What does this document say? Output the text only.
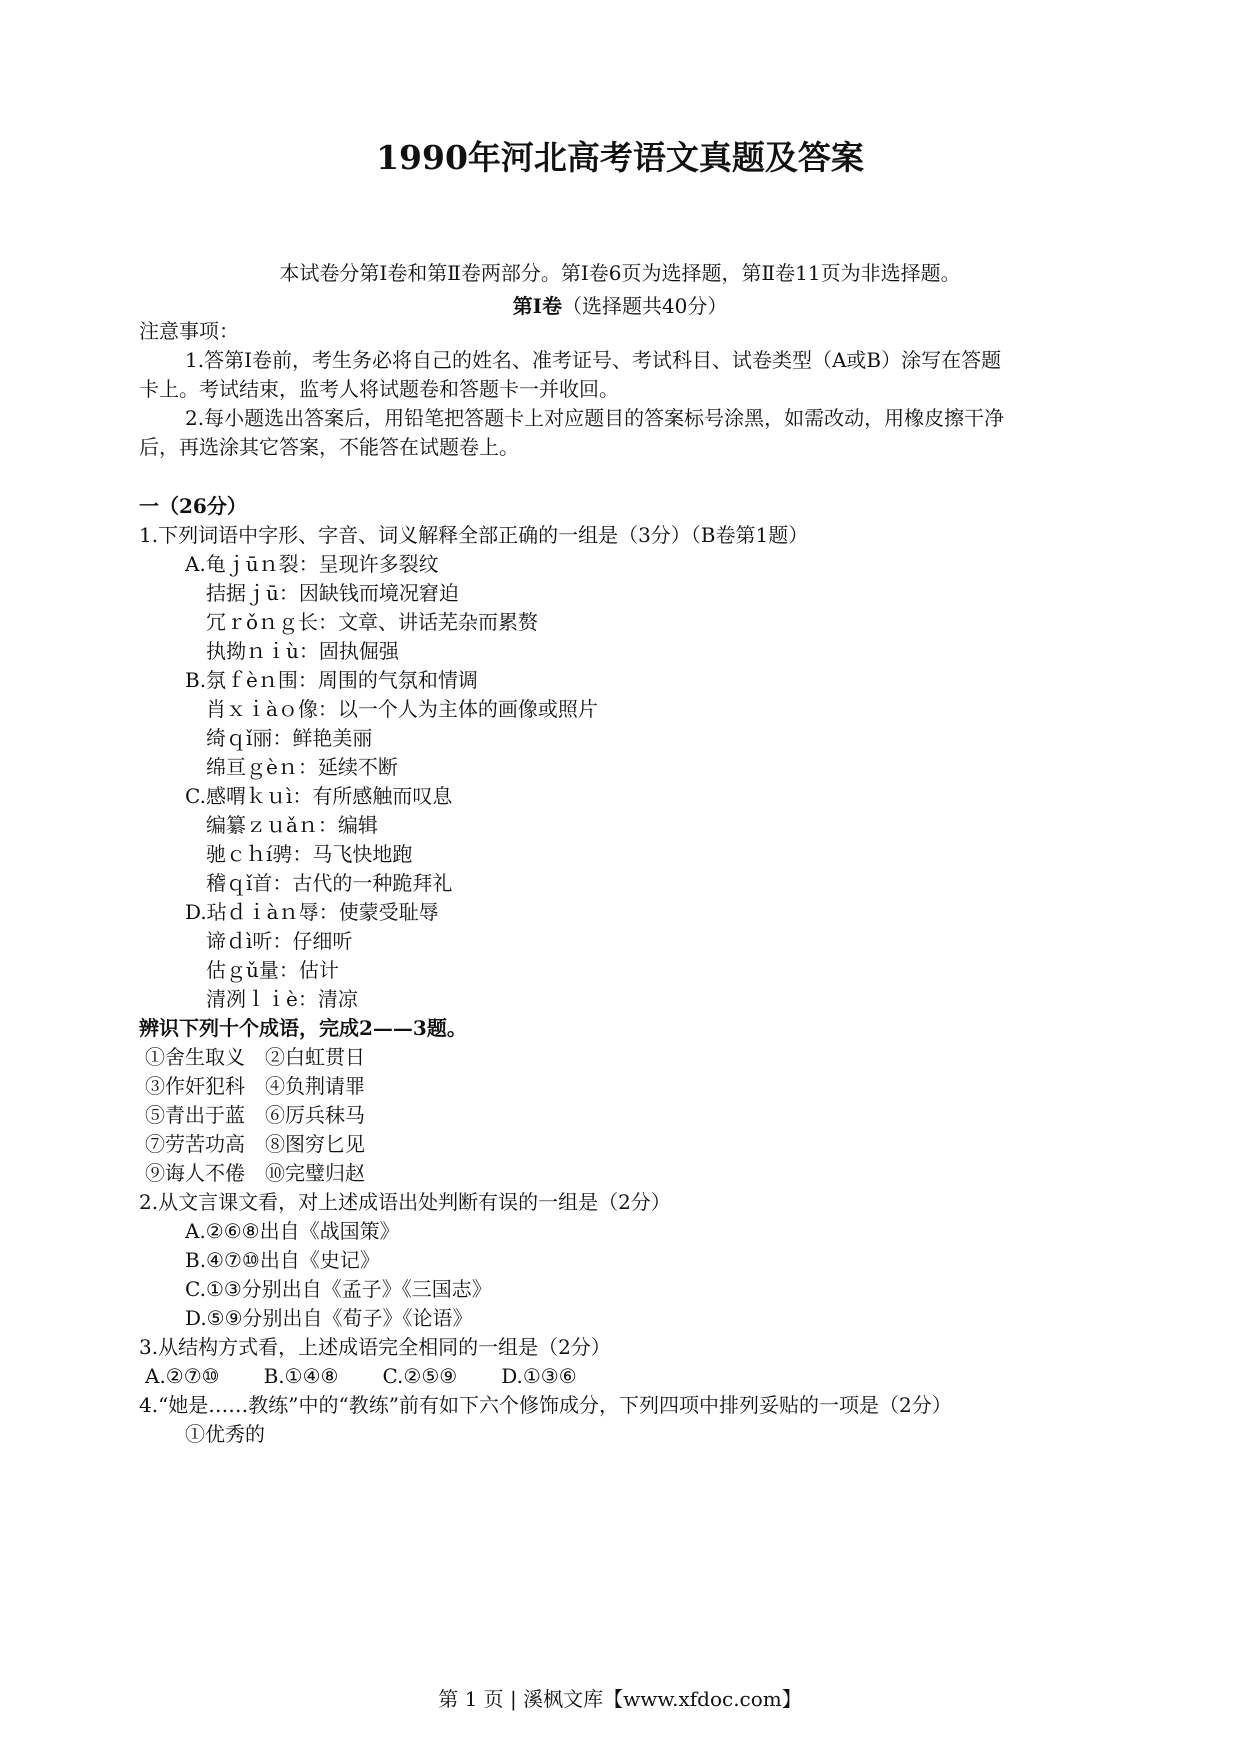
1990年河北高考语文真题及答案
本试卷分第Ⅰ卷和第Ⅱ卷两部分。第Ⅰ卷6页为选择题，第Ⅱ卷11页为非选择题。
第Ⅰ卷（选择题共40分）
注意事项：
1.答第Ⅰ卷前，考生务必将自己的姓名、准考证号、考试科目、试卷类型（A或B）涂写在答题
卡上。考试结束，监考人将试题卷和答题卡一并收回。
2.每小题选出答案后，用铅笔把答题卡上对应题目的答案标号涂黑，如需改动，用橡皮擦干净
后，再选涂其它答案，不能答在试题卷上。
一（26分）
1.下列词语中字形、字音、词义解释全部正确的一组是（3分）（B卷第1题）
A.龟ｊūｎ裂：呈现许多裂纹
拮据ｊū：因缺钱而境况窘迫
冗ｒǒｎｇ长：文章、讲话芜杂而累赘
执拗ｎｉù：固执倔强
B.氛ｆèｎ围：周围的气氛和情调
肖ｘｉàｏ像：以一个人为主体的画像或照片
绮ｑǐ丽：鲜艳美丽
绵亘ｇèｎ：延续不断
C.感喟ｋｕì：有所感触而叹息
编纂ｚｕǎｎ：编辑
驰ｃｈí骋：马飞快地跑
稽ｑǐ首：古代的一种跪拜礼
D.玷ｄｉàｎ辱：使蒙受耻辱
谛ｄì听：仔细听
估ｇǔ量：估计
清冽ｌｉè：清凉
辨识下列十个成语，完成2——3题。
①舍生取义　②白虹贯日
③作奸犯科　④负荆请罪
⑤青出于蓝　⑥厉兵秣马
⑦劳苦功高　⑧图穷匕见
⑨诲人不倦　⑩完璧归赵
2.从文言课文看，对上述成语出处判断有误的一组是（2分）
A.②⑥⑧出自《战国策》
B.④⑦⑩出自《史记》
C.①③分别出自《孟子》《三国志》
D.⑤⑨分别出自《荀子》《论语》
3.从结构方式看，上述成语完全相同的一组是（2分）
A.②⑦⑩ B.①④⑧ C.②⑤⑨ D.①③⑥
4.“她是……教练”中的“教练”前有如下六个修饰成分，下列四项中排列妥贴的一项是（2分）
①优秀的
第 1 页 | 溪枫文库【www.xfdoc.com】
